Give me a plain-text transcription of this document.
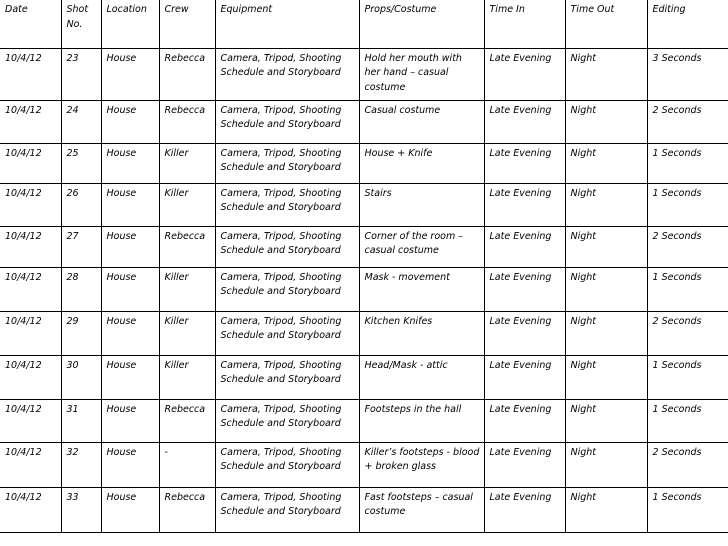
Date	Shot No.	Location	Crew	Equipment	Props/Costume	Time In	Time Out	Editing
10/4/12	23	House	Rebecca	Camera, Tripod, Shooting Schedule and Storyboard	Hold her mouth with her hand – casual costume	Late Evening	Night	3 Seconds
10/4/12	24	House	Rebecca	Camera, Tripod, Shooting Schedule and Storyboard	Casual costume	Late Evening	Night	2 Seconds
10/4/12	25	House	Killer	Camera, Tripod, Shooting Schedule and Storyboard	House + Knife	Late Evening	Night	1 Seconds
10/4/12	26	House	Killer	Camera, Tripod, Shooting Schedule and Storyboard	Stairs	Late Evening	Night	1 Seconds
10/4/12	27	House	Rebecca	Camera, Tripod, Shooting Schedule and Storyboard	Corner of the room – casual costume	Late Evening	Night	2 Seconds
10/4/12	28	House	Killer	Camera, Tripod, Shooting Schedule and Storyboard	Mask - movement	Late Evening	Night	1 Seconds
10/4/12	29	House	Killer	Camera, Tripod, Shooting Schedule and Storyboard	Kitchen Knifes	Late Evening	Night	2 Seconds
10/4/12	30	House	Killer	Camera, Tripod, Shooting Schedule and Storyboard	Head/Mask - attic	Late Evening	Night	1 Seconds
10/4/12	31	House	Rebecca	Camera, Tripod, Shooting Schedule and Storyboard	Footsteps in the hall	Late Evening	Night	1 Seconds
10/4/12	32	House	-	Camera, Tripod, Shooting Schedule and Storyboard	Killer’s footsteps - blood + broken glass	Late Evening	Night	2 Seconds
10/4/12	33	House	Rebecca	Camera, Tripod, Shooting Schedule and Storyboard	Fast footsteps – casual costume	Late Evening	Night	1 Seconds
